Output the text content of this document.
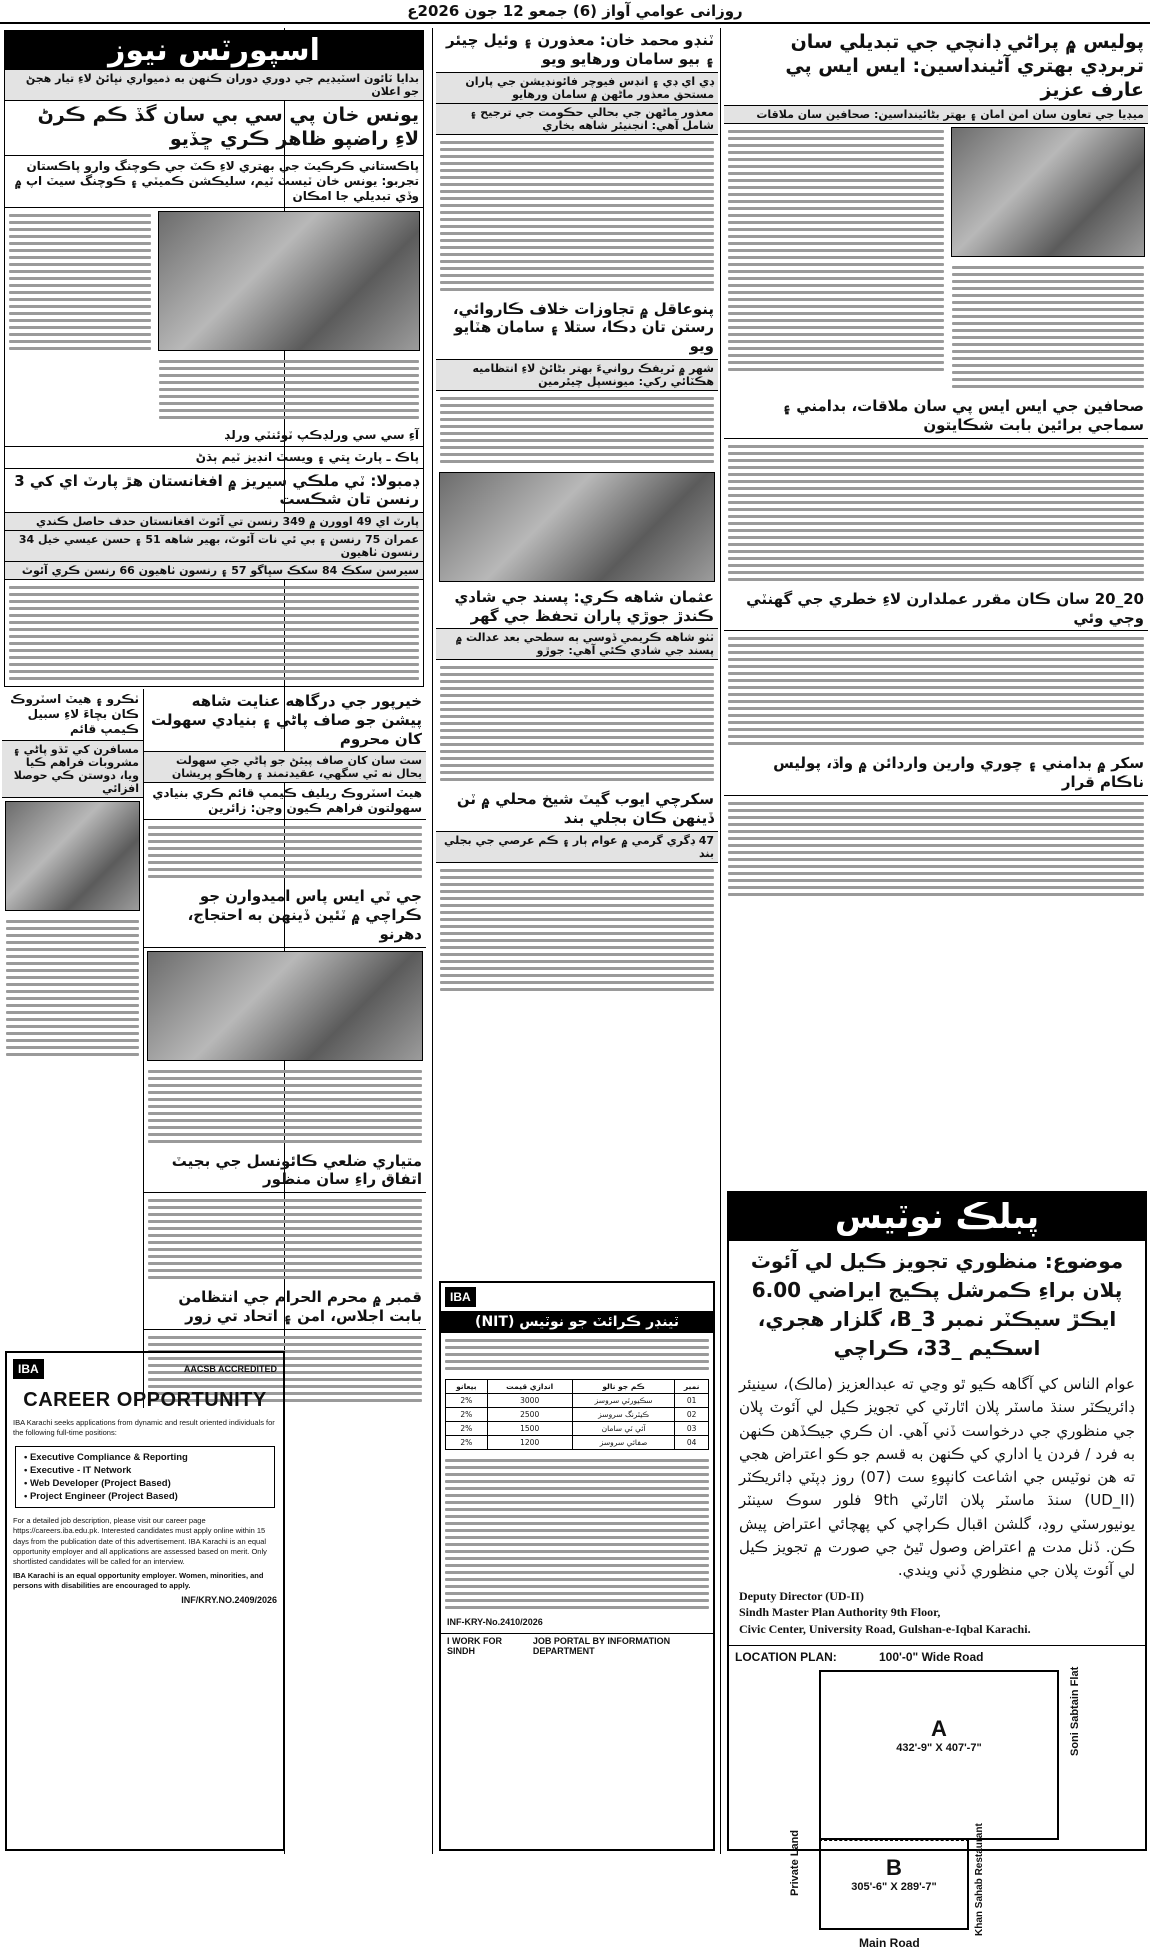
روزانی عوامي آواز (6) جمعو 12 جون 2026ع
اسپورٽس نيوز
بدايا ٽائون اسٽيڊيم جي دوري دوران ڪنهن به ذميواري نڀائڻ لاءِ تيار هجڻ جو اعلان
يونس خان پي سي بي سان گڏ ڪم ڪرڻ لاءِ راضپو ظاهر ڪري ڇڏيو
پاڪستاني ڪرڪيٽ جي بهتري لاءِ ڪٽ جي ڪوچنگ وارو پاڪستان تجربو: يونس خان ٽيسٽ ٽيم، سليڪشن ڪميٽي ۽ ڪوچنگ سيٽ اپ ۾ وڏي تبديلي جا امڪان
آءِ سي سي ورلڊڪپ ٽوئنٽي ورلڊ
پاڪ ـ پارٽ ڀتي ۽ ويسٽ انڊيز ٽيم ٻڌڻ
ڊمبولا: ٽي ملڪي سيريز ۾ افغانستان هڙ پارٽ اي کي 3 رنسن تان شڪست
پارٽ اي 49 اوورن ۾ 349 رنسن تي آئوٽ افغانستان حدف حاصل ڪندي
عمران 75 رنسن ۽ بي ئي نات آئوٽ، بهير شاهه 51 ۽ حسن عيسي خيل 34 رنسون ٺاهيون
سيرسن سکڪ 84 سکڪ سڀاگو 57 ۽ رنسون ٺاهيون 66 رنسن ڪري آئوٽ
ٺڪرو ۽ هيٽ اسٽروڪ ڪان بچاءَ لاءِ سبيل ڪيمپ قائم
مسافرن کي ٿڌو پاڻي ۽ مشروبات فراهم ڪيا ويا، دوستن ڪي حوصلا افزائي
خيرپور جي درگاهه عنايت شاهه پيشن جو صاف پاڻي ۽ بنيادي سهولت کان محروم
ست سان کان صاف پيئڻ جو پاڻي جي سهولت بحال نه ٿي سگهي، عقيدتمند ۽ رهاڪو پريشان
هيٽ اسٽروڪ ريليف ڪيمپ قائم ڪري بنيادي سهولتون فراهم ڪيون وڃن: زائرين
جي ٽي ايس پاس اميدوارن جو ڪراچي ۾ ٽئين ڏينهن به احتجاج، دھرنو
متياري ضلعي ڪائونسل جي بجيٽ اتفاق راءِ سان منظور
قمبر ۾ محرم الحرام جي انتظامن بابت اجلاس، امن ۽ اتحاد تي زور
IBA	AACSB ACCREDITED
CAREER OPPORTUNITY
IBA Karachi seeks applications from dynamic and result oriented individuals for the following full-time positions:
• Executive Compliance & Reporting
• Executive - IT Network
• Web Developer (Project Based)
• Project Engineer (Project Based)
For a detailed job description, please visit our career page https://careers.iba.edu.pk. Interested candidates must apply online within 15 days from the publication date of this advertisement. IBA Karachi is an equal opportunity employer and all applications are assessed based on merit. Only shortlisted candidates will be called for an interview.
IBA Karachi is an equal opportunity employer. Women, minorities, and persons with disabilities are encouraged to apply.
INF/KRY.NO.2409/2026
ٽنڊو محمد خان: معذورن ۽ وئيل چيئر ۽ بيو سامان ورهايو ويو
ڊي اي ڊي ۽ انڊس فيوچر فائونڊيشن جي پاران مستحق معذور ماڻهن ۾ سامان ورهايو
معذور ماڻهن جي بحالي حڪومت جي ترجيح ۽ شامل آهي: انجنيئر شاهه بخاري
پنوعاقل ۾ تجاوزات خلاف ڪاروائي، رستن تان دڪا، ستلا ۽ سامان هٽايو ويو
شهر ۾ ٽريفڪ روانيءَ بهتر بڻائڻ لاءِ انتظاميه هڪٽائي رکي: ميونسپل چيئرمين
عثمان شاهه ڪري: پسند جي شادي ڪندڙ جوڙي پاران تحفظ جي گهر
ٺٺو شاهه ڪريمي ڏوسي ٻه سطحي بعد عدالت ۾ پسند جي شادي ڪئي آهي: جوڙو
سکرچي ايوب گيٽ شيخ محلي ۾ ٽن ڏينهن ڪان بجلي بند
47 ڊگري گرمي ۾ عوام ٻار ۽ ڪم عرصي جي بجلي بند
IBA
ٽينڊر ڪرائٽ جو نوٽيس (NIT)
نمبر	ڪم جو نالو	اندازي قيمت	بيعانو
01	سڪيورٽي سروسز	3000	2%
02	ڪيٽرنگ سروسز	2500	2%
03	آئي ٽي سامان	1500	2%
04	صفائي سروسز	1200	2%
INF-KRY-No.2410/2026
I WORK FOR SINDH
JOB PORTAL BY INFORMATION DEPARTMENT
پوليس ۾ پراڻي ڊانچي جي تبديلي سان تربرڊي بهتري آڻينداسين: ايس ايس پي عارف عزيز
ميڊيا جي تعاون سان امن امان ۽ بهتر بڻائينداسين: صحافين سان ملاقات
صحافين جي ايس ايس پي سان ملاقات، بدامني ۽ سماجي برائين بابت شڪايتون
20_20 سان ڪان مقرر عملدارن لاءِ خطري جي گهنٽي وڄي وئي
سکر ۾ بدامني ۽ چوري وارين واردائن ۾ واڌ، پوليس ناڪام قرار
پبلڪ نوٽيس
موضوع: منظوري تجويز ڪيل لي آئوٽ پلان براءِ ڪمرشل پڪيج ايراضي 6.00 ايڪڙ سيڪٽر نمبر B_3، گلزار هجري، اسڪيم _33، ڪراچي
عوام الناس کي آگاهه ڪيو ٿو وڃي ته عبدالعزيز (مالڪ)، سينيئر ڊائريڪٽر سنڌ ماسٽر پلان اٿارٽي کي تجويز ڪيل لي آئوٽ پلان جي منظوري جي درخواست ڏني آهي. ان ڪري جيڪڏهن ڪنهن به فرد / فردن يا اداري کي ڪنهن به قسم جو ڪو اعتراض هجي ته هن نوٽيس جي اشاعت کانپوءِ ست (07) روز ڊپٽي ڊائريڪٽر (UD_II) سنڌ ماسٽر پلان اٿارٽي 9th فلور سوڪ سينٽر يونيورسٽي روڊ، گلشن اقبال ڪراچي کي پهچائي اعتراض پيش ڪن. ڏنل مدت ۾ اعتراض وصول ٿيڻ جي صورت ۾ تجويز ڪيل لي آئوٽ پلان جي منظوري ڏني ويندي.
Deputy Director (UD-II)
Sindh Master Plan Authority 9th Floor,
Civic Center, University Road, Gulshan-e-Iqbal Karachi.
LOCATION PLAN:	100'-0" Wide Road
A
432'-9" X 407'-7"
B
305'-6" X 289'-7"
Soni Sabtain Flat
Private Land	Khan Sahab Restaurant
Main Road
